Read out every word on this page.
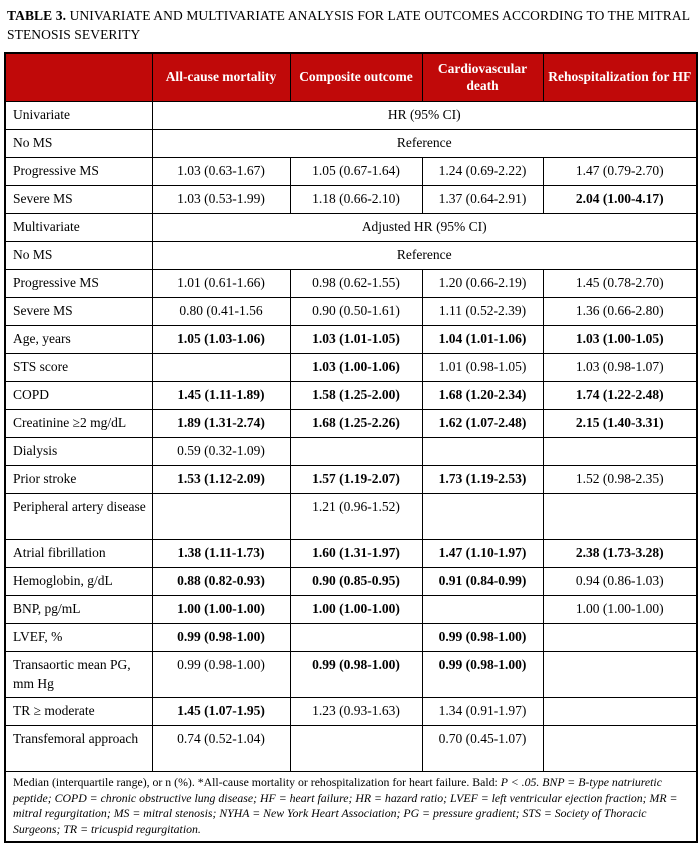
TABLE 3. UNIVARIATE AND MULTIVARIATE ANALYSIS FOR LATE OUTCOMES ACCORDING TO THE MITRAL STENOSIS SEVERITY
	All-cause mortality	Composite outcome	Cardiovascular death	Rehospitalization for HF
Univariate	HR (95% CI)			
No MS	Reference			
Progressive MS	1.03 (0.63-1.67)	1.05 (0.67-1.64)	1.24 (0.69-2.22)	1.47 (0.79-2.70)
Severe MS	1.03 (0.53-1.99)	1.18 (0.66-2.10)	1.37 (0.64-2.91)	2.04 (1.00-4.17)
Multivariate	Adjusted HR (95% CI)			
No MS	Reference			
Progressive MS	1.01 (0.61-1.66)	0.98 (0.62-1.55)	1.20 (0.66-2.19)	1.45 (0.78-2.70)
Severe MS	0.80 (0.41-1.56	0.90 (0.50-1.61)	1.11 (0.52-2.39)	1.36 (0.66-2.80)
Age, years	1.05 (1.03-1.06)	1.03 (1.01-1.05)	1.04 (1.01-1.06)	1.03 (1.00-1.05)
STS score		1.03 (1.00-1.06)	1.01 (0.98-1.05)	1.03 (0.98-1.07)
COPD	1.45 (1.11-1.89)	1.58 (1.25-2.00)	1.68 (1.20-2.34)	1.74 (1.22-2.48)
Creatinine ≥2 mg/dL	1.89 (1.31-2.74)	1.68 (1.25-2.26)	1.62 (1.07-2.48)	2.15 (1.40-3.31)
Dialysis	0.59 (0.32-1.09)			
Prior stroke	1.53 (1.12-2.09)	1.57 (1.19-2.07)	1.73 (1.19-2.53)	1.52 (0.98-2.35)
Peripheral artery disease		1.21 (0.96-1.52)		
Atrial fibrillation	1.38 (1.11-1.73)	1.60 (1.31-1.97)	1.47 (1.10-1.97)	2.38 (1.73-3.28)
Hemoglobin, g/dL	0.88 (0.82-0.93)	0.90 (0.85-0.95)	0.91 (0.84-0.99)	0.94 (0.86-1.03)
BNP, pg/mL	1.00 (1.00-1.00)	1.00 (1.00-1.00)		1.00 (1.00-1.00)
LVEF, %	0.99 (0.98-1.00)		0.99 (0.98-1.00)	
Transaortic mean PG, mm Hg	0.99 (0.98-1.00)	0.99 (0.98-1.00)	0.99 (0.98-1.00)	
TR ≥ moderate	1.45 (1.07-1.95)	1.23 (0.93-1.63)	1.34 (0.91-1.97)	
Transfemoral approach	0.74 (0.52-1.04)		0.70 (0.45-1.07)	
Median (interquartile range), or n (%). *All-cause mortality or rehospitalization for heart failure. Bald: P < .05. BNP = B-type natriuretic peptide; COPD = chronic obstructive lung disease; HF = heart failure; HR = hazard ratio; LVEF = left ventricular ejection fraction; MR = mitral regurgitation; MS = mitral stenosis; NYHA = New York Heart Association; PG = pressure gradient; STS = Society of Thoracic Surgeons; TR = tricuspid regurgitation.				
